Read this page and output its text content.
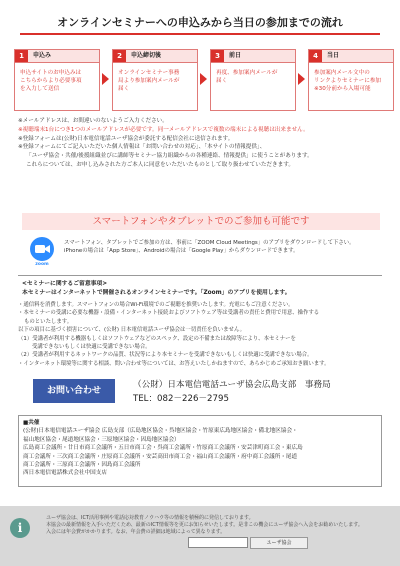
オンラインセミナーへの申込みから当日の参加までの流れ
1	申込み
申込サイトのお申込みは
こちらからより必要事項
を入力して送信
2	申込締切後
オンラインセミナー事務
局より参加案内メールが
届く
3	前日
再度、参加案内メールが
届く
4	当日
参加案内メール文中の
リンクよりセミナーに参加
※30分前から入場可能
※メールアドレスは、お間違いのないようご入力ください。
※視聴端末1台につき1つのメールアドレスが必要です。同一メールアドレスで複数の端末による視聴は出来ません。
※登録フォームは(公財)日本電信電話ユーザ協会が委託する配信会社に送信されます。
※登録フォームにてご記入いただいた個人情報は「お問い合わせの対応」、「本サイトの情報提供」、
「ユーザ協会・共催/後援組織並びに講師等セミナー協力組織からの各種連絡、情報提供」に使うことがあります。
これらについては、お申し込みされた方ご本人に同意をいただいたものとして取り扱わせていただきます。
スマートフォンやタブレットでのご参加も可能です
zoom
スマートフォン、タブレットでご参加の方は、事前に「ZOOM Cloud Meetings」のアプリをダウンロードして下さい。
iPhoneの場合は「App Store」、Androidの場合は「Google Play」からダウンロードできます。
<セミナーに関するご留意事項>
本セミナーはインターネットで開催されるオンラインセミナーです。「Zoom」のアプリを使用します。
・通信料を消費します。スマートフォンの場合Wi-Fi環境でのご視聴を推奨いたします。充電にもご注意ください。
・本セミナーの受講に必要な機器・設備・インターネット接続およびソフトウェア等は受講者の責任と費用で用意、操作する
ものといたします。
以下の項目に基づく損害について、(公財) 日本電信電話ユーザ協会は一切責任を負いません。
（1）受講者が利用する機器もしくはソフトウェアなどのスペック、設定の不備または故障等により、本セミナーを
受講できないもしくは快適に受講できない場合。
（2）受講者が利用するネットワークの品質、状況等により本セミナーを受講できないもしくは快適に受講できない場合。
・インターネット環境等に関する相談、問い合わせ等については、お答えいたしかねますので、あらかじめご承知おき願います。
お問い合わせ
（公財）日本電信電話ユーザ協会広島支部　事務局
TEL：082－226－2795
■共催
(公財)日本電信電話ユーザ協会 広島支部（広島地区協会・呉地区協会・竹原東広島地区協会・備北地区協会・
福山地区協会・尾道地区協会・三原地区協会・因島地区協会）
広島商工会議所・廿日市商工会議所・五日市商工会・呉商工会議所・竹原商工会議所・安芸津町商工会・東広島
商工会議所・三次商工会議所・庄原商工会議所・安芸高田市商工会・福山商工会議所・府中商工会議所・尾道
商工会議所・三原商工会議所・因島商工会議所
西日本電信電話株式会社中国支店
i
ユーザ協会は、ICT活用事例や電話応対教育ノウハウ等の情報を積極的に発信しております。
本協会の最新情報を入手いただくため、最新のICT情報等を更にお知らせいたします。是非この機会にユーザ協会へ入会をお勧めいたします。
入会には年会費がかかります。なお、年会費の詳細は地域によって異なります。
ユーザ協会
